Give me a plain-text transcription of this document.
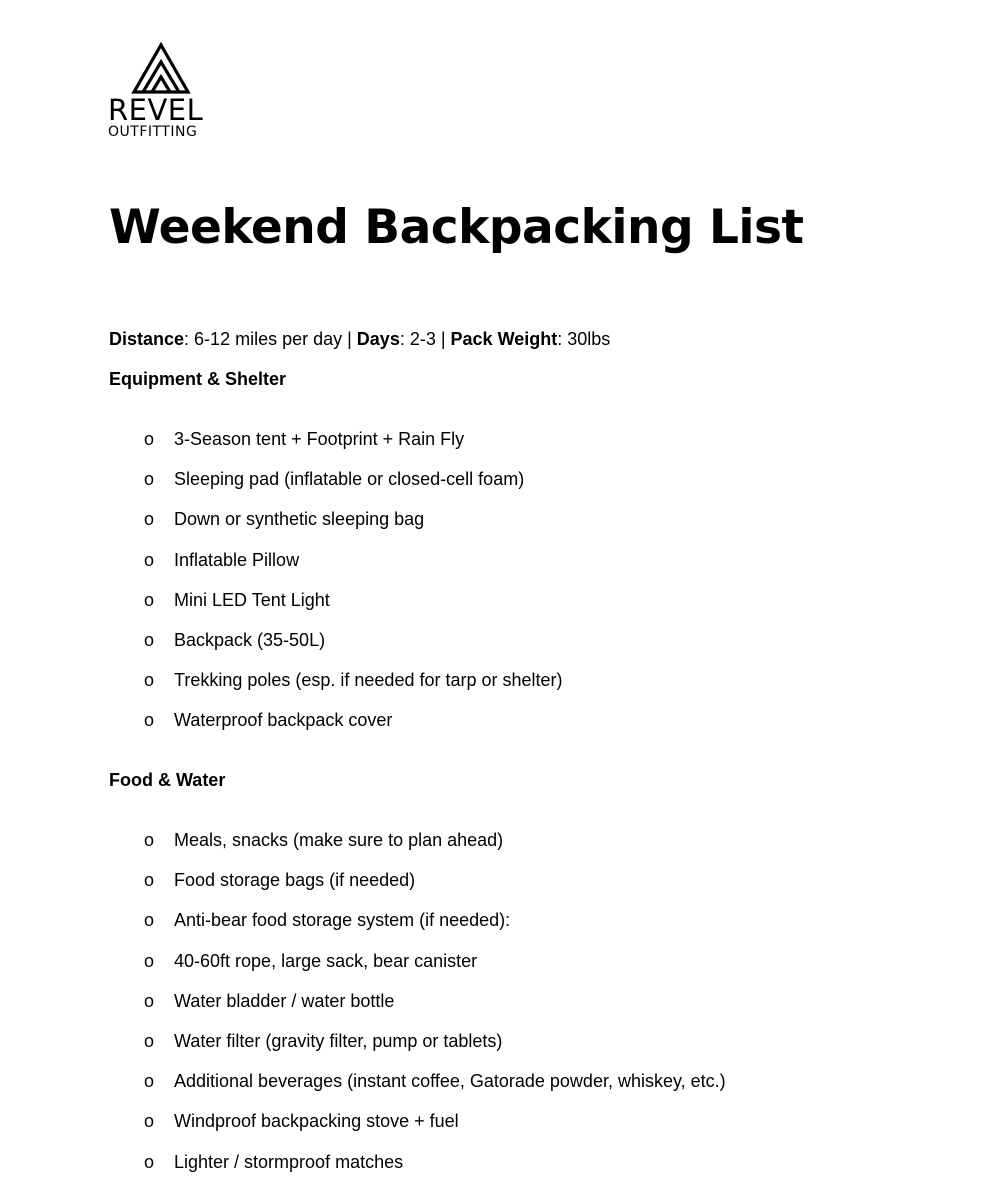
REVEL
OUTFITTING
Weekend Backpacking List

Distance: 6-12 miles per day | Days: 2-3 | Pack Weight: 30lbs

Equipment & Shelter

o 3-Season tent + Footprint + Rain Fly
o Sleeping pad (inflatable or closed-cell foam)
o Down or synthetic sleeping bag
o Inflatable Pillow
o Mini LED Tent Light
o Backpack (35-50L)
o Trekking poles (esp. if needed for tarp or shelter)
o Waterproof backpack cover

Food & Water

o Meals, snacks (make sure to plan ahead)
o Food storage bags (if needed)
o Anti-bear food storage system (if needed):
o 40-60ft rope, large sack, bear canister
o Water bladder / water bottle
o Water filter (gravity filter, pump or tablets)
o Additional beverages (instant coffee, Gatorade powder, whiskey, etc.)
o Windproof backpacking stove + fuel
o Lighter / stormproof matches
